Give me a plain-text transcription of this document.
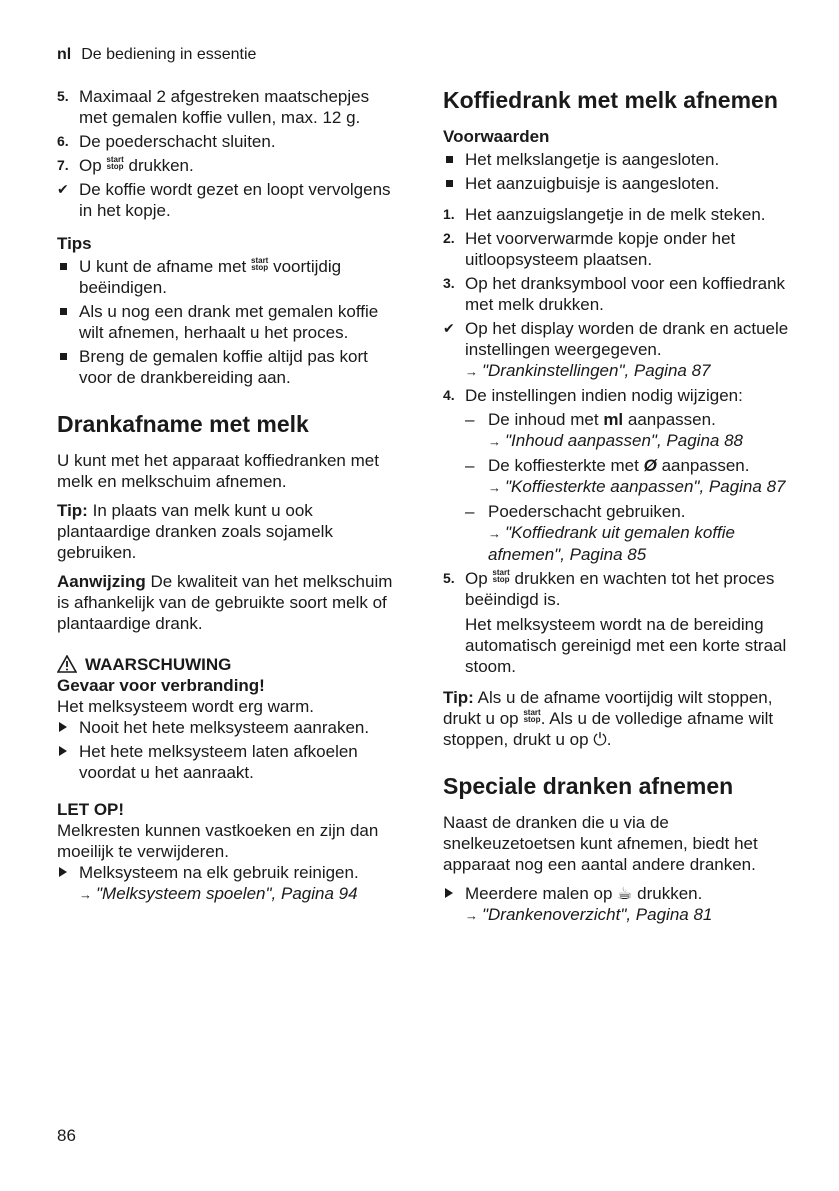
nl De bediening in essentie
5. Maximaal 2 afgestreken maatschepjes met gemalen koffie vullen, max. 12 g.
6. De poederschacht sluiten.
7. Op start
stop drukken.
✔ De koffie wordt gezet en loopt vervolgens in het kopje.
Tips
U kunt de afname met start
stop voortijdig beëindigen.
Als u nog een drank met gemalen koffie wilt afnemen, herhaalt u het proces.
Breng de gemalen koffie altijd pas kort voor de drankbereiding aan.
Drankafname met melk

U kunt met het apparaat koffiedranken met melk en melkschuim afnemen.

Tip: In plaats van melk kunt u ook plantaardige dranken zoals sojamelk gebruiken.

Aanwijzing De kwaliteit van het melkschuim is afhankelijk van de gebruikte soort melk of plantaardige drank.

WAARSCHUWING
Gevaar voor verbranding!
Het melksysteem wordt erg warm.
Nooit het hete melksysteem aanraken.
Het hete melksysteem laten afkoelen voordat u het aanraakt.
LET OP!
Melkresten kunnen vastkoeken en zijn dan moeilijk te verwijderen.
Melksysteem na elk gebruik reinigen.
→ "Melksysteem spoelen", Pagina 94
Koffiedrank met melk afnemen
Voorwaarden
Het melkslangetje is aangesloten.
Het aanzuigbuisje is aangesloten.
1. Het aanzuigslangetje in de melk steken.
2. Het voorverwarmde kopje onder het uitloopsysteem plaatsen.
3. Op het dranksymbool voor een koffiedrank met melk drukken.
✔ Op het display worden de drank en actuele instellingen weergegeven.
→ "Drankinstellingen", Pagina 87
4. De instellingen indien nodig wijzigen:
– De inhoud met ml aanpassen.
→ "Inhoud aanpassen", Pagina 88
– De koffiesterkte met Ø aanpassen.
→ "Koffiesterkte aanpassen", Pagina 87
– Poederschacht gebruiken.
→ "Koffiedrank uit gemalen koffie afnemen", Pagina 85
5. Op start
stop drukken en wachten tot het proces beëindigd is.
Het melksysteem wordt na de bereiding automatisch gereinigd met een korte straal stoom.

Tip: Als u de afname voortijdig wilt stoppen, drukt u op start
stop. Als u de volledige afname wilt stoppen, drukt u op ⏻.

Speciale dranken afnemen

Naast de dranken die u via de snelkeuzetoetsen kunt afnemen, biedt het apparaat nog een aantal andere dranken.

Meerdere malen op ☕ drukken.
→ "Drankenoverzicht", Pagina 81
86
